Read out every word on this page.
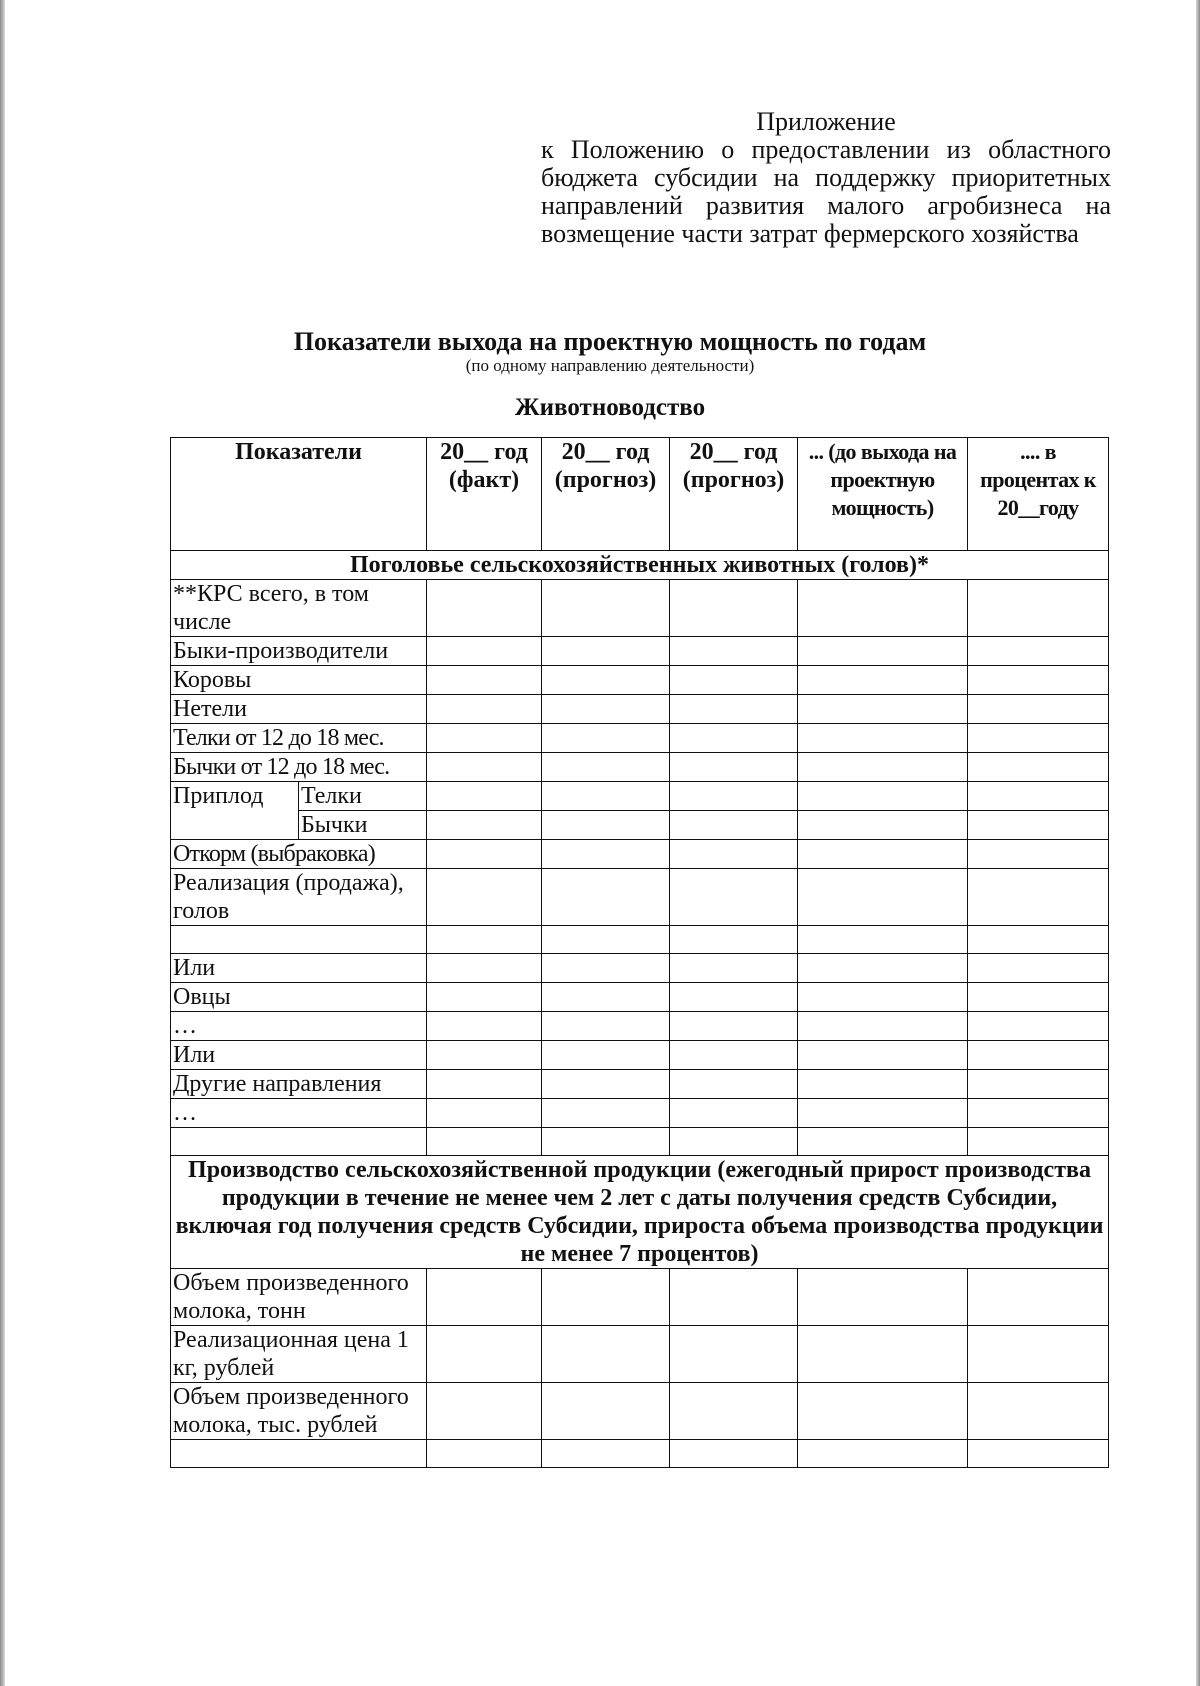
Приложение
к Положению о предоставлении из областного бюджета субсидии на поддержку приоритетных направлений развития малого агробизнеса на возмещение части затрат фермерского хозяйства
Показатели выхода на проектную мощность по годам
(по одному направлению деятельности)
Животноводство
Показатели		20__ год (факт)	20__ год (прогноз)	20__ год (прогноз)	... (до выхода на проектную мощность)	.... в процентах к 20__году
Поголовье сельскохозяйственных животных (голов)*						
**КРС всего, в том числе						
Быки-производители						
Коровы						
Нетели						
Телки от 12 до 18 мес.						
Бычки от 12 до 18 мес.						
Приплод	Телки					
	Бычки					
Откорм (выбраковка)						
Реализация (продажа), голов						

Или						
Овцы						
…						
Или						
Другие направления						
…						

Производство сельскохозяйственной продукции (ежегодный прирост производства продукции в течение не менее чем 2 лет с даты получения средств Субсидии, включая год получения средств Субсидии, прироста объема производства продукции не менее 7 процентов)						
Объем произведенного молока, тонн						
Реализационная цена 1 кг, рублей						
Объем произведенного молока, тыс. рублей						
